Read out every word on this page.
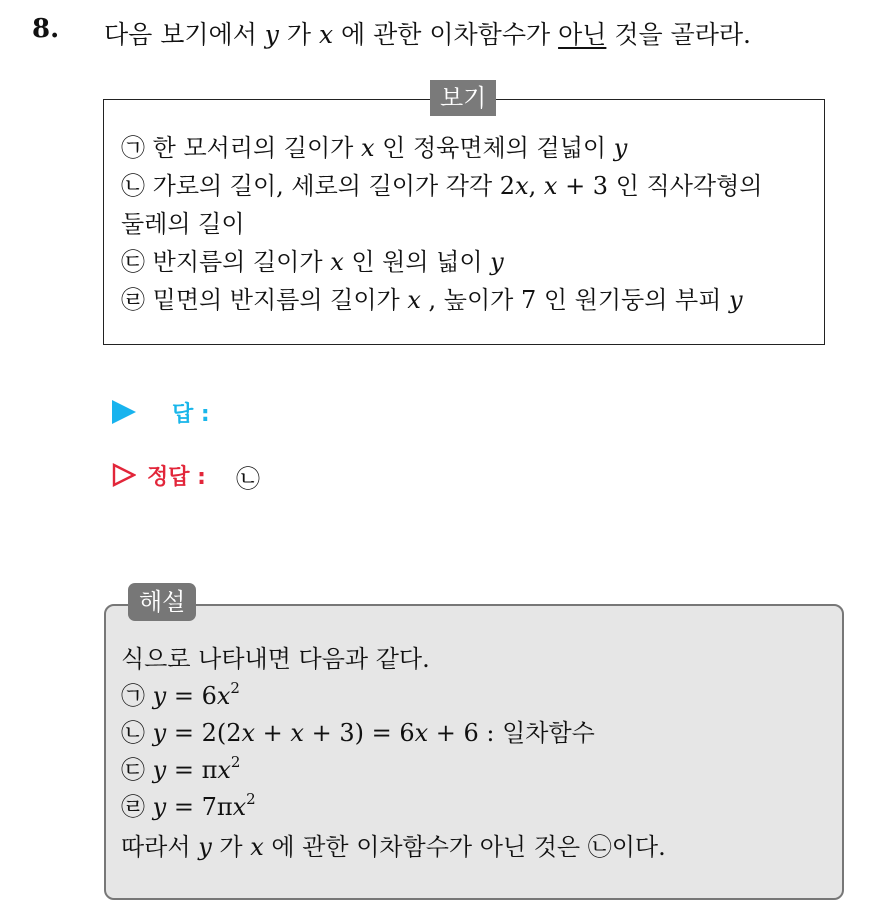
8. 다음 보기에서 y 가 x 에 관한 이차함수가 아닌 것을 골라라.
보기
㉠ 한 모서리의 길이가 x 인 정육면체의 겉넓이 y
㉡ 가로의 길이, 세로의 길이가 각각 2x, x + 3 인 직사각형의
둘레의 길이
㉢ 반지름의 길이가 x 인 원의 넓이 y
㉣ 밑면의 반지름의 길이가 x , 높이가 7 인 원기둥의 부피 y
답 :
정답 : ㉡
해설
식으로 나타내면 다음과 같다.
㉠ $y = 6x^2$
㉡ y = 2(2x + x + 3) = 6x + 6 : 일차함수
㉢ $y = \pi x^2$
㉣ $y = 7\pi x^2$
따라서 y 가 x 에 관한 이차함수가 아닌 것은 ㉡이다.
